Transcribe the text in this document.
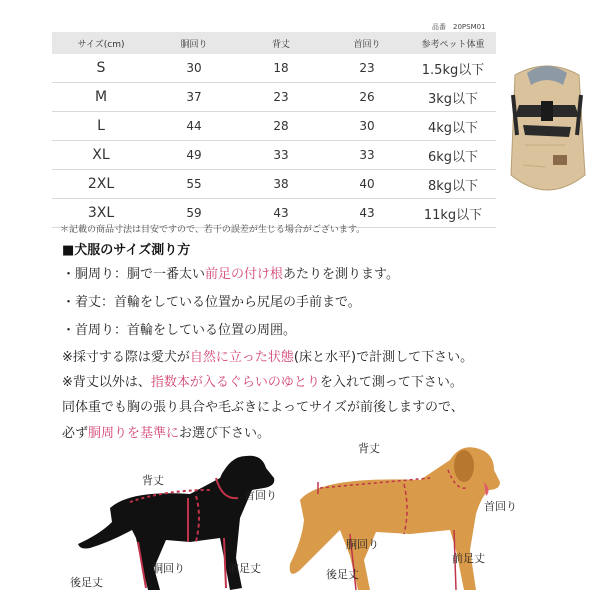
品番　20PSM01
サイズ(cm)	胴回り	背丈	首回り	参考ペット体重
S	30	18	23	1.5kg以下
M	37	23	26	3kg以下
L	44	28	30	4kg以下
XL	49	33	33	6kg以下
2XL	55	38	40	8kg以下
3XL	59	43	43	11kg以下
＊記載の商品寸法は目安ですので、若干の誤差が生じる場合がございます。
■犬服のサイズ測り方
・胴周り：胴で一番太い前足の付け根あたりを測ります。
・着丈：首輪をしている位置から尻尾の手前まで。
・首周り：首輪をしている位置の周囲。
※採寸する際は愛犬が自然に立った状態(床と水平)で計測して下さい。
※背丈以外は、指数本が入るぐらいのゆとりを入れて測って下さい。
同体重でも胸の張り具合や毛ぶきによってサイズが前後しますので、
必ず胴周りを基準にお選び下さい。
背丈
首回り
胴回り	前足丈
後足丈
背丈
首回り
胴回り
前足丈
後足丈
